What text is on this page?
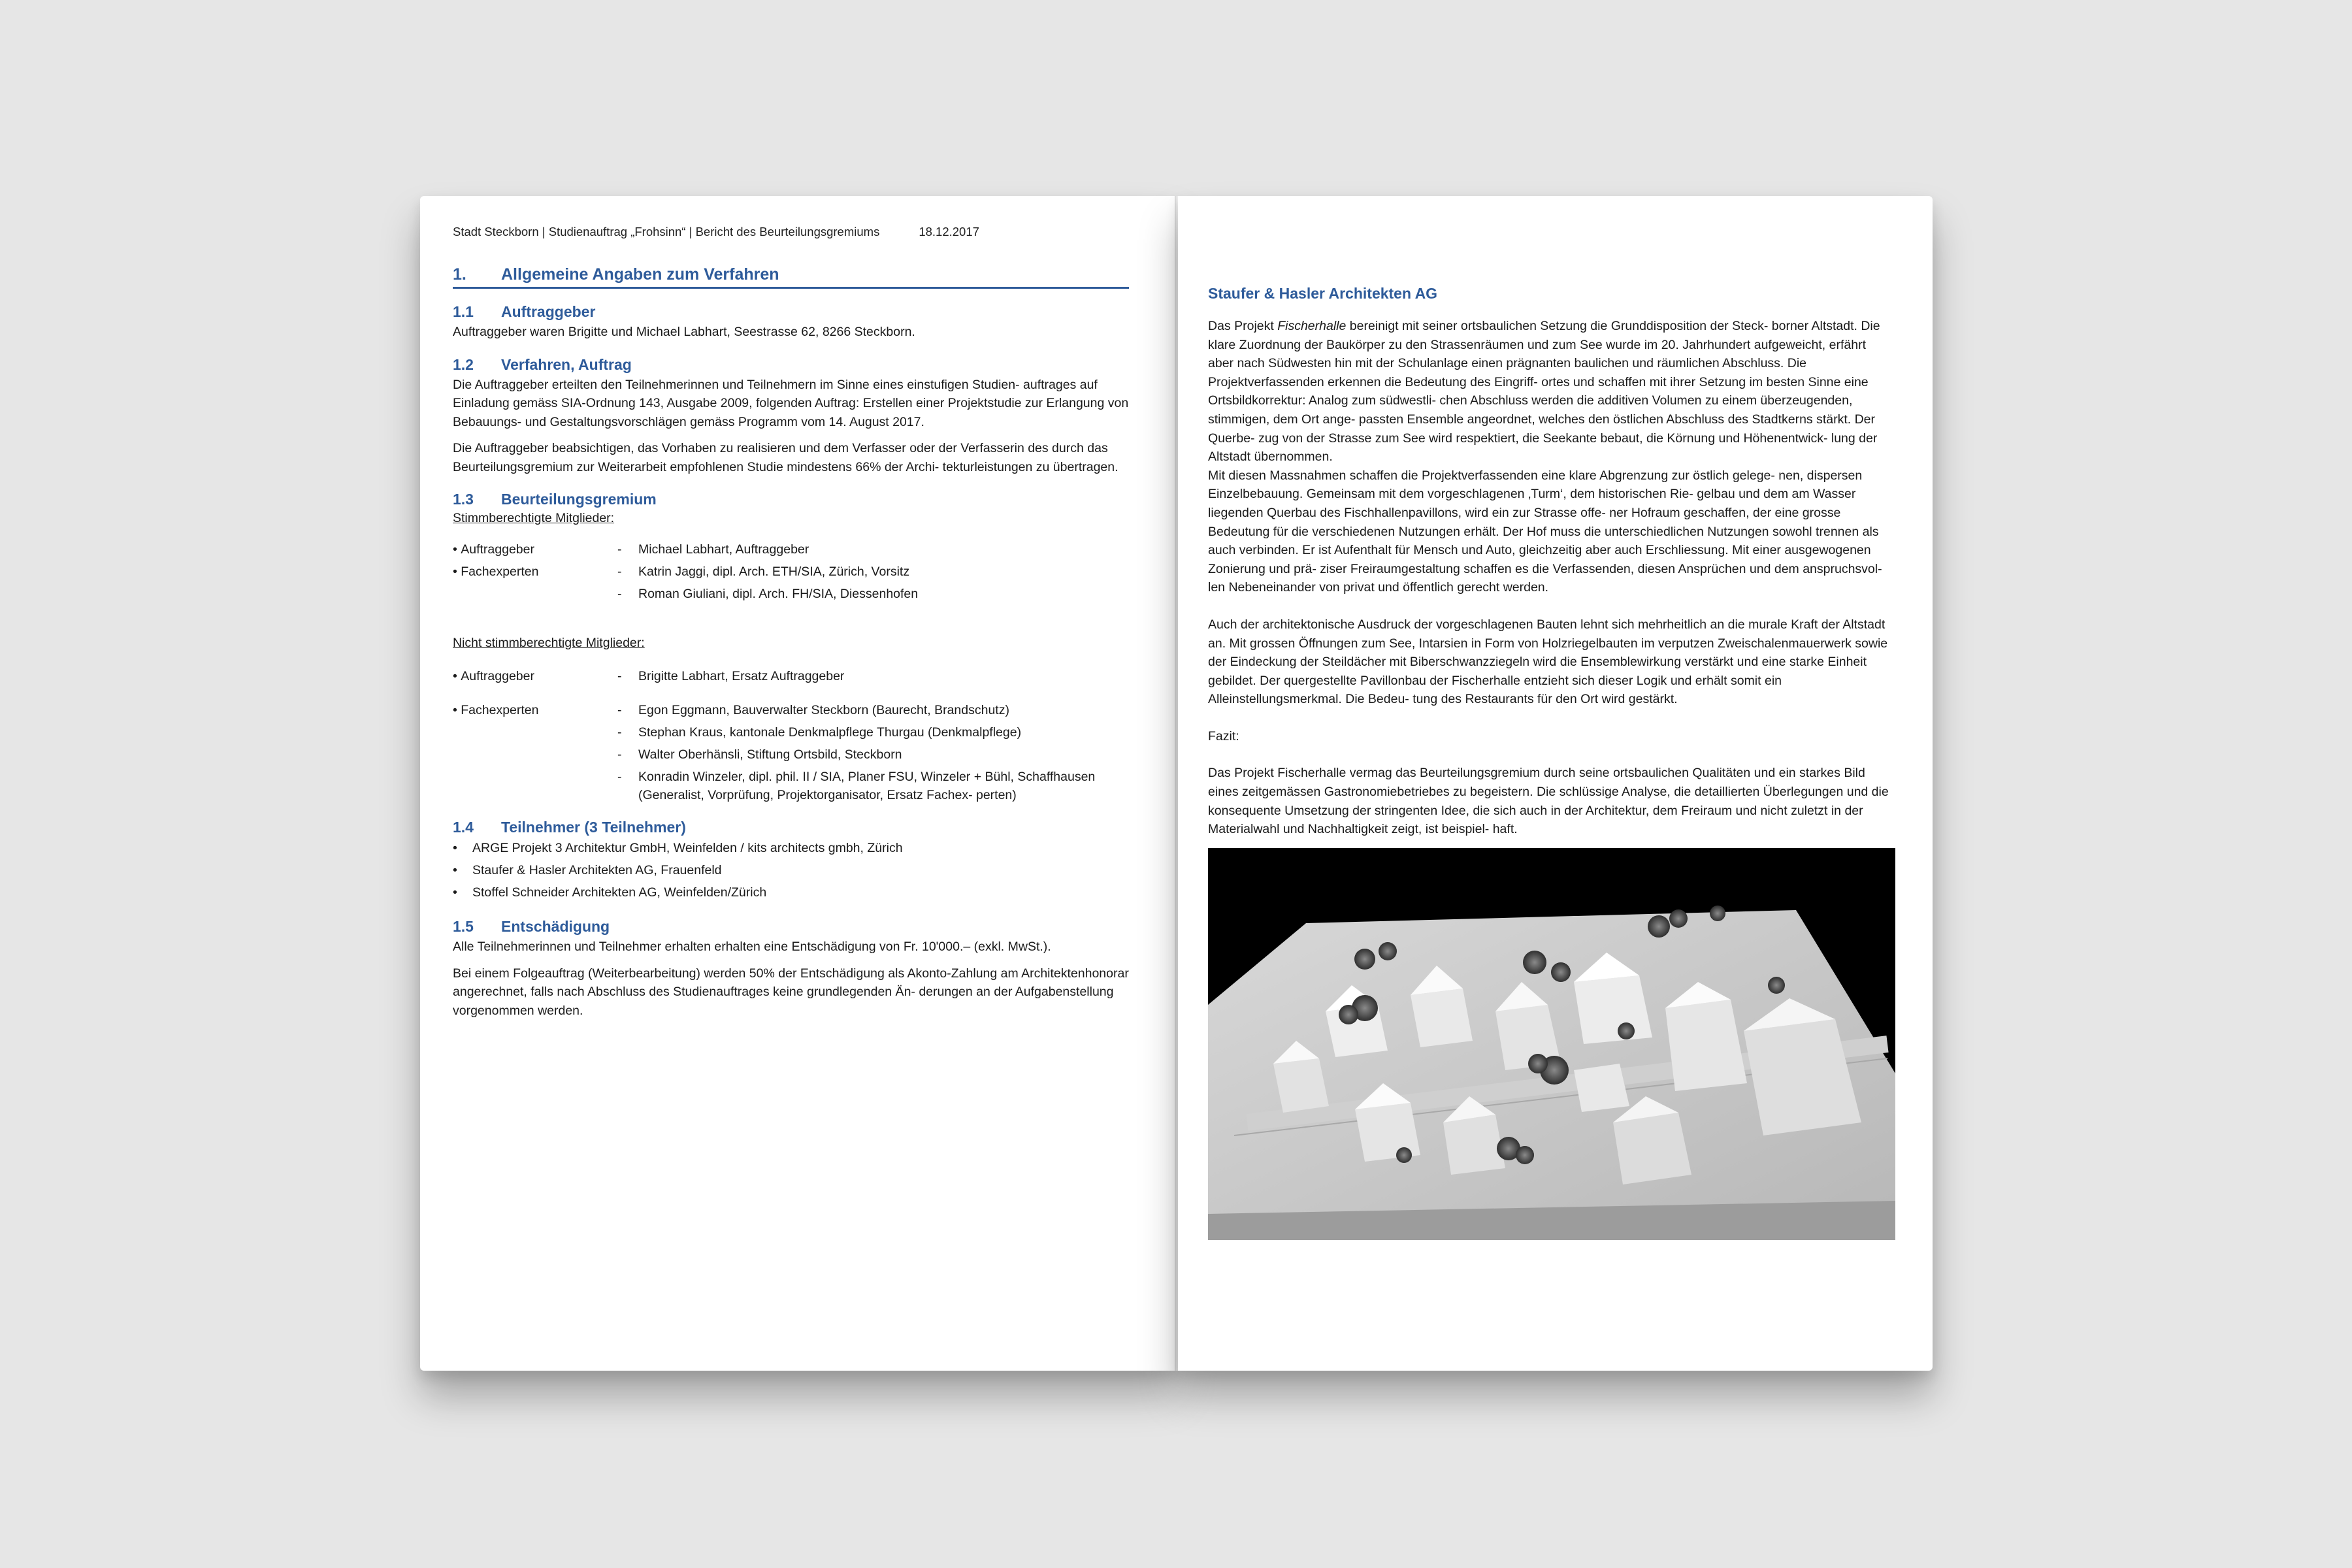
Stadt Steckborn | Studienauftrag „Frohsinn“ | Bericht des Beurteilungsgremiums	18.12.2017
1.	Allgemeine Angaben zum Verfahren
1.1	Auftraggeber

Auftraggeber waren Brigitte und Michael Labhart, Seestrasse 62, 8266 Steckborn.

1.2	Verfahren, Auftrag

Die Auftraggeber erteilten den Teilnehmerinnen und Teilnehmern im Sinne eines einstufigen Studien- auftrages auf Einladung gemäss SIA-Ordnung 143, Ausgabe 2009, folgenden Auftrag: Erstellen einer Projektstudie zur Erlangung von Bebauungs- und Gestaltungsvorschlägen gemäss Programm vom 14. August 2017.

Die Auftraggeber beabsichtigen, das Vorhaben zu realisieren und dem Verfasser oder der Verfasserin des durch das Beurteilungsgremium zur Weiterarbeit empfohlenen Studie mindestens 66% der Archi- tekturleistungen zu übertragen.

1.3	Beurteilungsgremium
Stimmberechtigte Mitglieder:
• Auftraggeber	-	Michael Labhart, Auftraggeber
• Fachexperten	-	Katrin Jaggi, dipl. Arch. ETH/SIA, Zürich, Vorsitz
-	Roman Giuliani, dipl. Arch. FH/SIA, Diessenhofen
Nicht stimmberechtigte Mitglieder:
• Auftraggeber	-	Brigitte Labhart, Ersatz Auftraggeber
• Fachexperten	-	Egon Eggmann, Bauverwalter Steckborn (Baurecht, Brandschutz)
-	Stephan Kraus, kantonale Denkmalpflege Thurgau (Denkmalpflege)
-	Walter Oberhänsli, Stiftung Ortsbild, Steckborn
-	Konradin Winzeler, dipl. phil. II / SIA, Planer FSU, Winzeler + Bühl, Schaffhausen (Generalist, Vorprüfung, Projektorganisator, Ersatz Fachex- perten)
1.4	Teilnehmer (3 Teilnehmer)
•	ARGE Projekt 3 Architektur GmbH, Weinfelden / kits architects gmbh, Zürich
•	Staufer & Hasler Architekten AG, Frauenfeld
•	Stoffel Schneider Architekten AG, Weinfelden/Zürich
1.5	Entschädigung

Alle Teilnehmerinnen und Teilnehmer erhalten erhalten eine Entschädigung von Fr. 10'000.– (exkl. MwSt.).

Bei einem Folgeauftrag (Weiterbearbeitung) werden 50% der Entschädigung als Akonto-Zahlung am Architektenhonorar angerechnet, falls nach Abschluss des Studienauftrages keine grundlegenden Än- derungen an der Aufgabenstellung vorgenommen werden.

Staufer & Hasler Architekten AG

Das Projekt Fischerhalle bereinigt mit seiner ortsbaulichen Setzung die Grunddisposition der Steck- borner Altstadt. Die klare Zuordnung der Baukörper zu den Strassenräumen und zum See wurde im 20. Jahrhundert aufgeweicht, erfährt aber nach Südwesten hin mit der Schulanlage einen prägnanten baulichen und räumlichen Abschluss. Die Projektverfassenden erkennen die Bedeutung des Eingriff- ortes und schaffen mit ihrer Setzung im besten Sinne eine Ortsbildkorrektur: Analog zum südwestli- chen Abschluss werden die additiven Volumen zu einem überzeugenden, stimmigen, dem Ort ange- passten Ensemble angeordnet, welches den östlichen Abschluss des Stadtkerns stärkt. Der Querbe- zug von der Strasse zum See wird respektiert, die Seekante bebaut, die Körnung und Höhenentwick- lung der Altstadt übernommen.

Mit diesen Massnahmen schaffen die Projektverfassenden eine klare Abgrenzung zur östlich gelege- nen, dispersen Einzelbebauung. Gemeinsam mit dem vorgeschlagenen ‚Turm‘, dem historischen Rie- gelbau und dem am Wasser liegenden Querbau des Fischhallenpavillons, wird ein zur Strasse offe- ner Hofraum geschaffen, der eine grosse Bedeutung für die verschiedenen Nutzungen erhält. Der Hof muss die unterschiedlichen Nutzungen sowohl trennen als auch verbinden. Er ist Aufenthalt für Mensch und Auto, gleichzeitig aber auch Erschliessung. Mit einer ausgewogenen Zonierung und prä- ziser Freiraumgestaltung schaffen es die Verfassenden, diesen Ansprüchen und dem anspruchsvol- len Nebeneinander von privat und öffentlich gerecht werden.

Auch der architektonische Ausdruck der vorgeschlagenen Bauten lehnt sich mehrheitlich an die murale Kraft der Altstadt an. Mit grossen Öffnungen zum See, Intarsien in Form von Holzriegelbauten im verputzen Zweischalenmauerwerk sowie der Eindeckung der Steildächer mit Biberschwanzziegeln wird die Ensemblewirkung verstärkt und eine starke Einheit gebildet. Der quergestellte Pavillonbau der Fischerhalle entzieht sich dieser Logik und erhält somit ein Alleinstellungsmerkmal. Die Bedeu- tung des Restaurants für den Ort wird gestärkt.

Fazit:

Das Projekt Fischerhalle vermag das Beurteilungsgremium durch seine ortsbaulichen Qualitäten und ein starkes Bild eines zeitgemässen Gastronomiebetriebes zu begeistern. Die schlüssige Analyse, die detaillierten Überlegungen und die konsequente Umsetzung der stringenten Idee, die sich auch in der Architektur, dem Freiraum und nicht zuletzt in der Materialwahl und Nachhaltigkeit zeigt, ist beispiel- haft.
